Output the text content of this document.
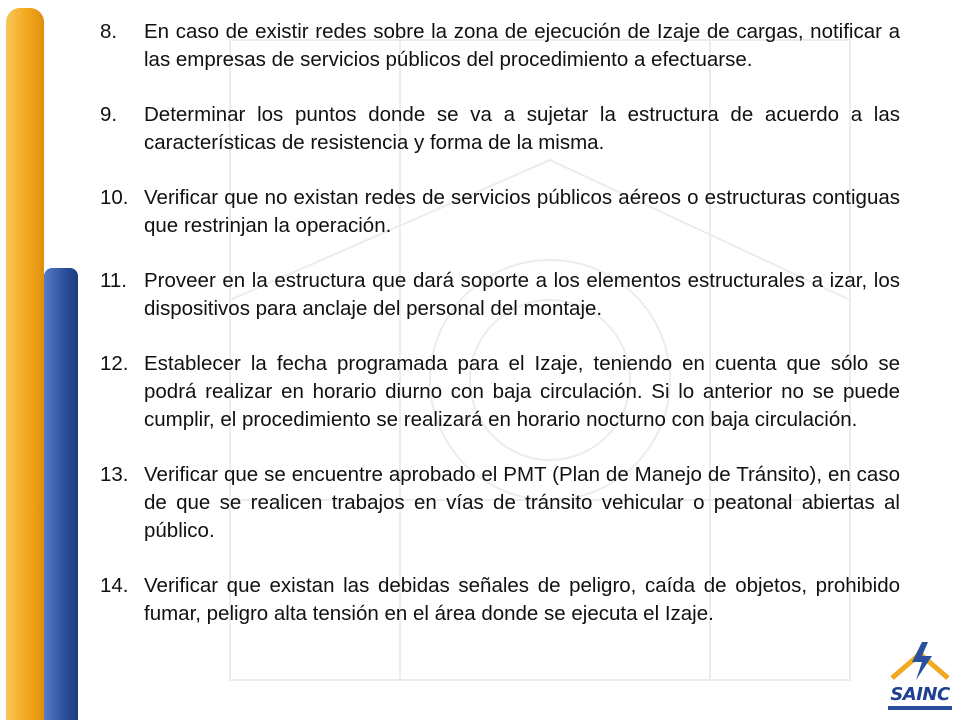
8.	En caso de existir redes sobre la zona de ejecución de Izaje de cargas, notificar a las empresas de servicios públicos del procedimiento a efectuarse.
9.	Determinar los puntos donde se va a sujetar la estructura de acuerdo a las características de resistencia y forma de la misma.
10. Verificar que no existan redes de servicios públicos aéreos o estructuras contiguas que restrinjan la operación.
11. Proveer en la estructura que dará soporte a los elementos estructurales a izar, los dispositivos para anclaje del personal del montaje.
12. Establecer la fecha programada para el Izaje, teniendo en cuenta que sólo se podrá realizar en horario diurno con baja circulación. Si lo anterior no se puede cumplir, el procedimiento se realizará en horario nocturno con baja circulación.
13. Verificar que se encuentre aprobado el PMT (Plan de Manejo de Tránsito), en caso de que se realicen trabajos en vías de tránsito vehicular o peatonal abiertas al público.
14. Verificar que existan las debidas señales de peligro, caída de objetos, prohibido fumar, peligro alta tensión en el área donde se ejecuta el Izaje.
SAINC
